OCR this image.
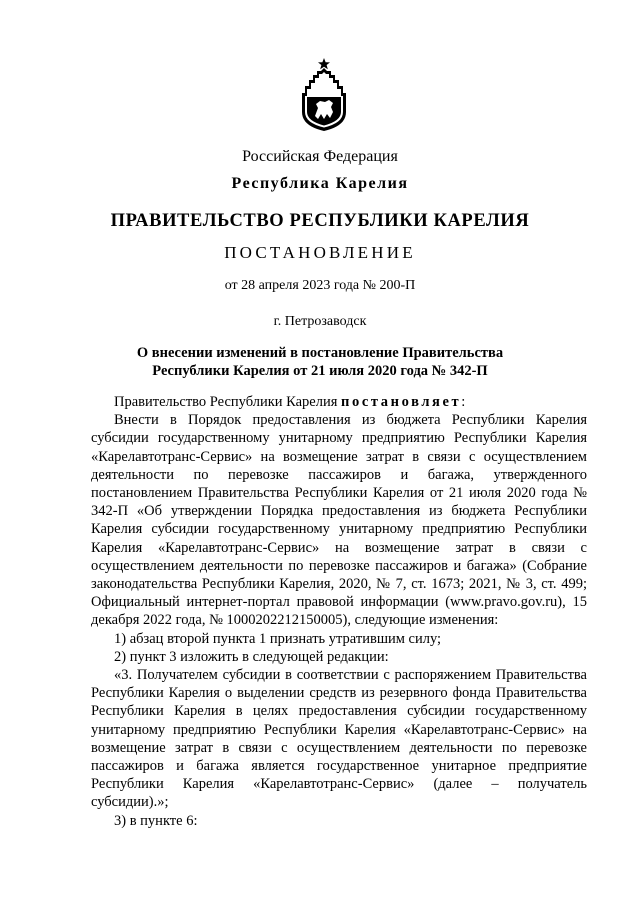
Российская Федерация
Республика Карелия
ПРАВИТЕЛЬСТВО РЕСПУБЛИКИ КАРЕЛИЯ
ПОСТАНОВЛЕНИЕ
от 28 апреля 2023 года № 200-П
г. Петрозаводск
О внесении изменений в постановление Правительства
Республики Карелия от 21 июля 2020 года № 342-П
Правительство Республики Карелия постановляет:
Внести в Порядок предоставления из бюджета Республики Карелия субсидии государственному унитарному предприятию Республики Карелия «Карелавтотранс-Сервис» на возмещение затрат в связи с осуществлением деятельности по перевозке пассажиров и багажа, утвержденного постановлением Правительства Республики Карелия от 21 июля 2020 года № 342-П «Об утверждении Порядка предоставления из бюджета Республики Карелия субсидии государственному унитарному предприятию Республики Карелия «Карелавтотранс-Сервис» на возмещение затрат в связи с осуществлением деятельности по перевозке пассажиров и багажа» (Собрание законодательства Республики Карелия, 2020, № 7, ст. 1673; 2021, № 3, ст. 499; Официальный интернет-портал правовой информации (www.pravo.gov.ru), 15 декабря 2022 года, № 1000202212150005), следующие изменения:
1) абзац второй пункта 1 признать утратившим силу;
2) пункт 3 изложить в следующей редакции:
«3. Получателем субсидии в соответствии с распоряжением Правительства Республики Карелия о выделении средств из резервного фонда Правительства Республики Карелия в целях предоставления субсидии государственному унитарному предприятию Республики Карелия «Карелавтотранс-Сервис» на возмещение затрат в связи с осуществлением деятельности по перевозке пассажиров и багажа является государственное унитарное предприятие Республики Карелия «Карелавтотранс-Сервис» (далее – получатель субсидии).»;
3) в пункте 6:
